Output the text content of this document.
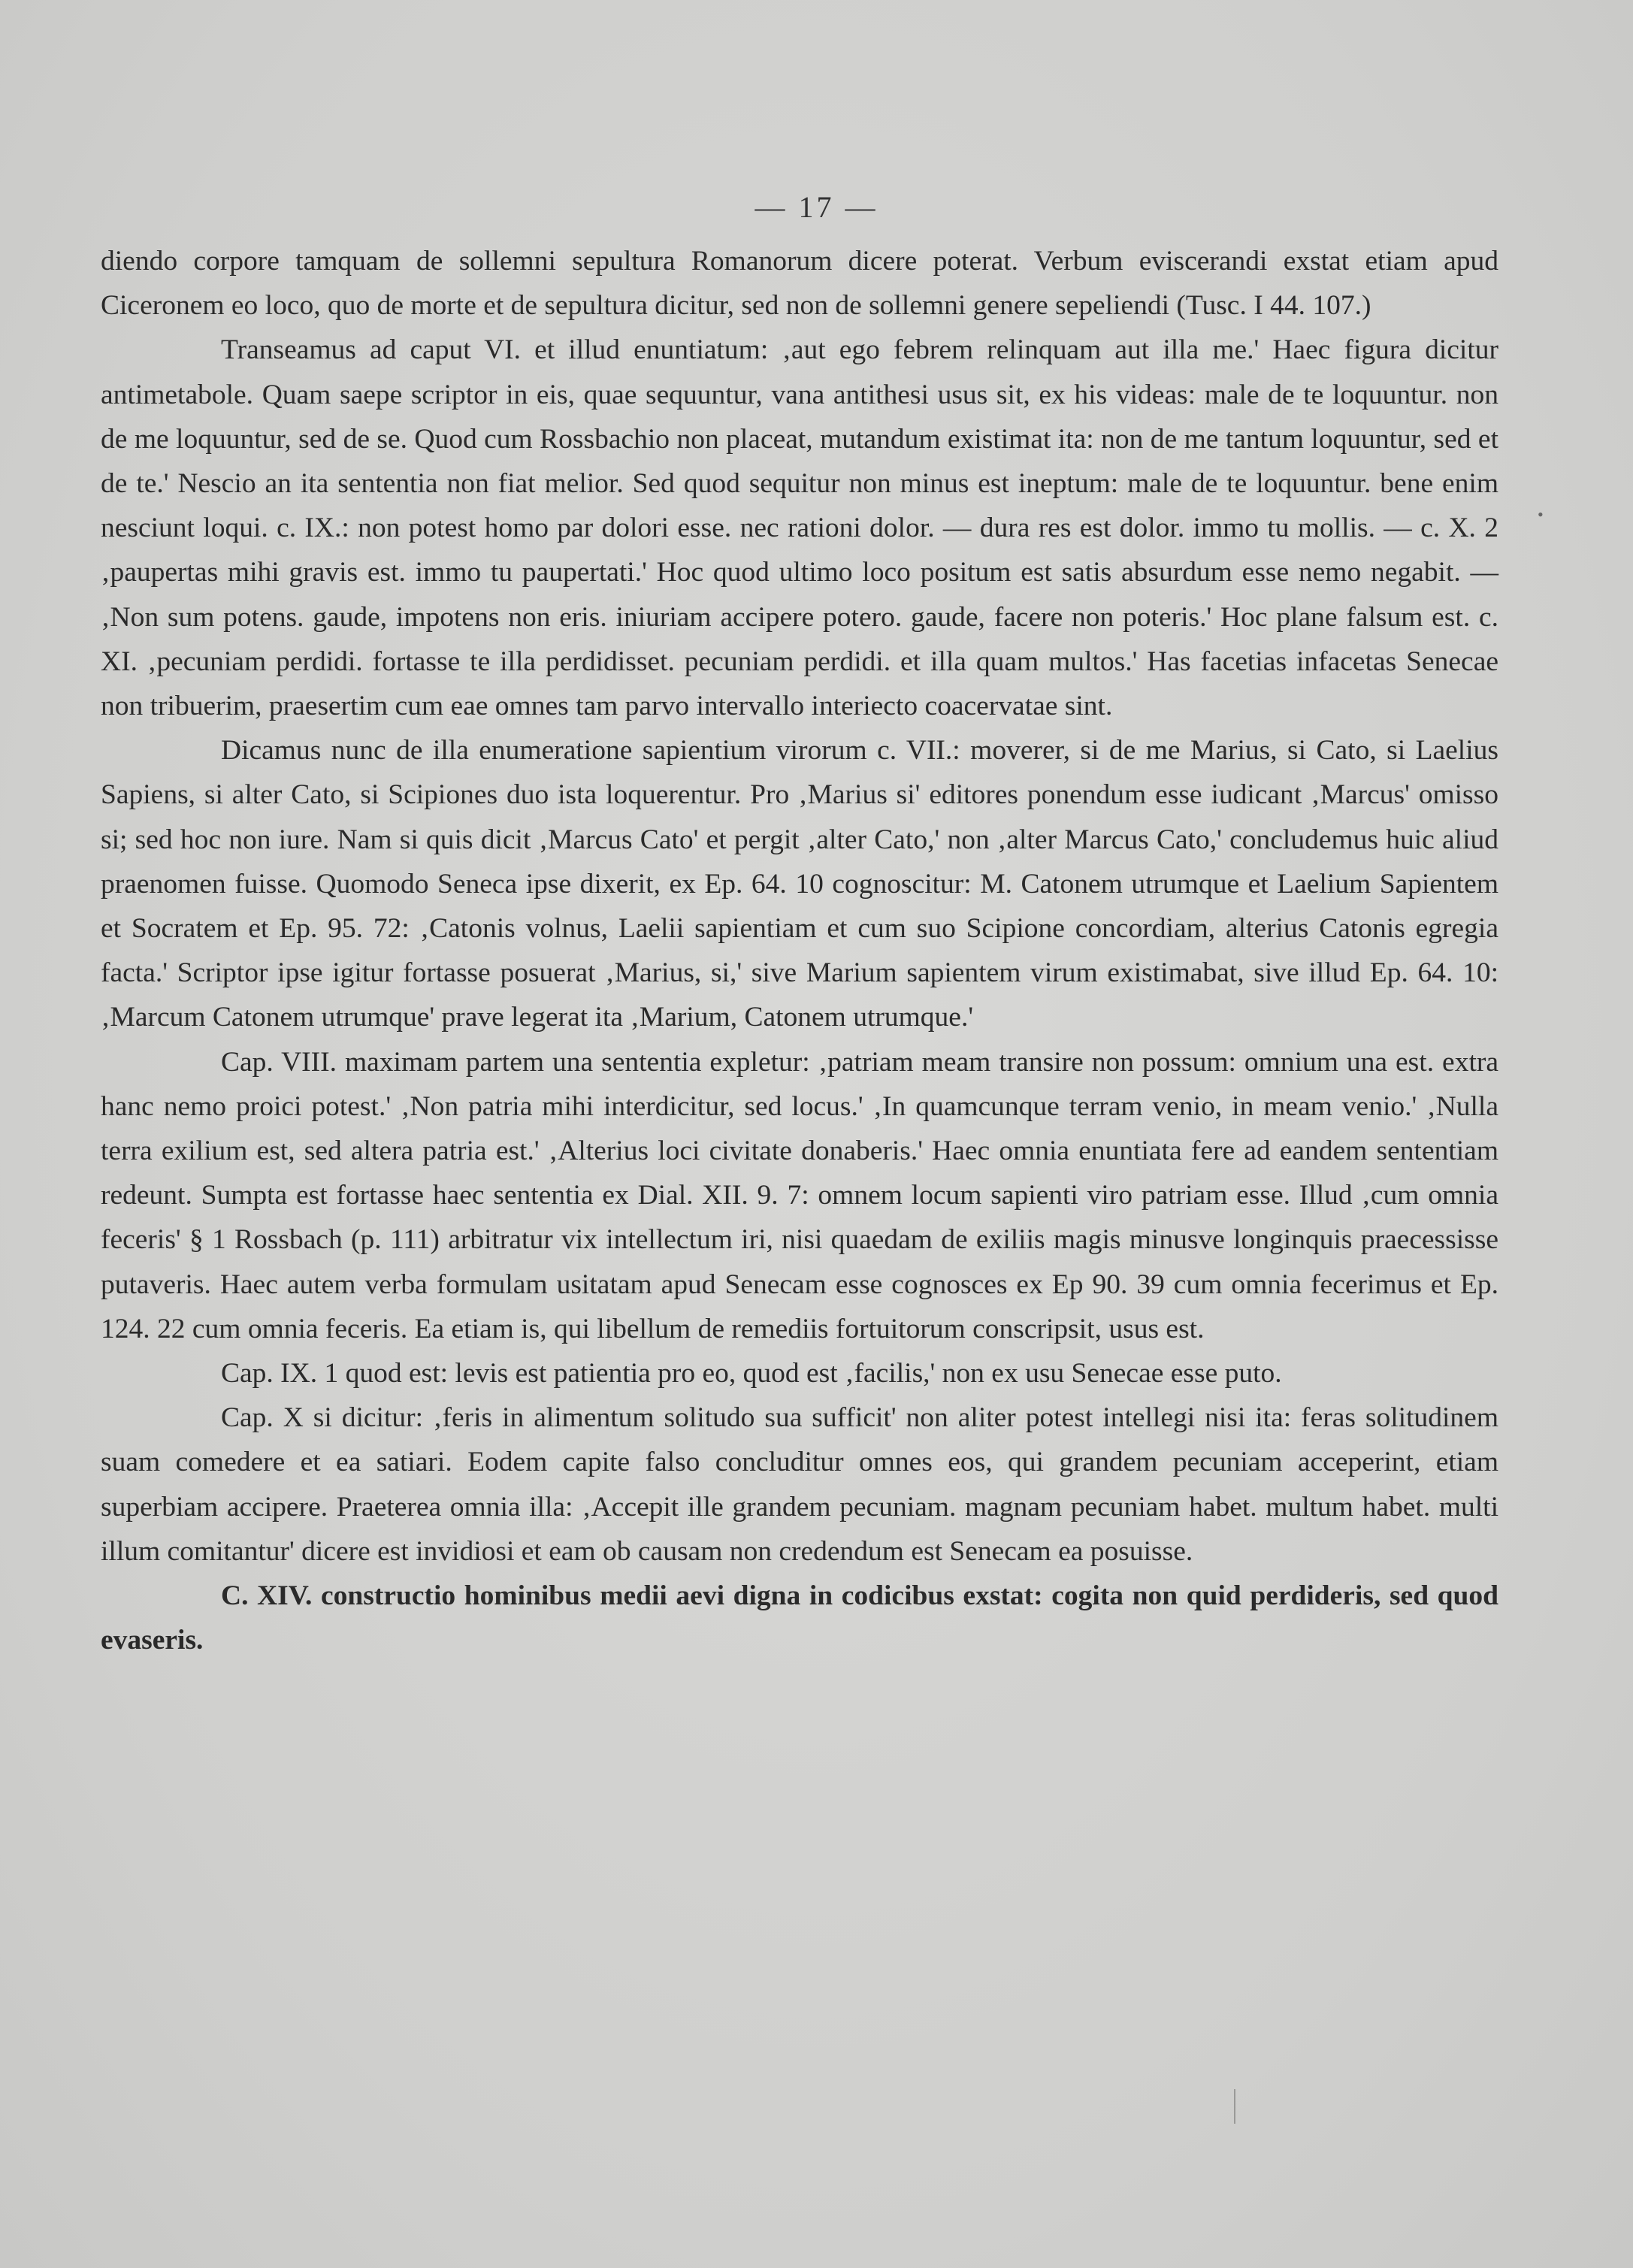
— 17 —

diendo corpore tamquam de sollemni sepultura Romanorum dicere poterat. Verbum eviscerandi exstat etiam apud Ciceronem eo loco, quo de morte et de sepultura dicitur, sed non de sollemni genere sepeliendi (Tusc. I 44. 107.)

Transeamus ad caput VI. et illud enuntiatum: ‚aut ego febrem relinquam aut illa me.' Haec figura dicitur antimetabole. Quam saepe scriptor in eis, quae sequuntur, vana antithesi usus sit, ex his videas: male de te loquuntur. non de me loquuntur, sed de se. Quod cum Rossbachio non placeat, mutandum existimat ita: non de me tantum loquuntur, sed et de te.' Nescio an ita sententia non fiat melior. Sed quod sequitur non minus est ineptum: male de te loquuntur. bene enim nesciunt loqui. c. IX.: non potest homo par dolori esse. nec rationi dolor. — dura res est dolor. immo tu mollis. — c. X. 2 ‚paupertas mihi gravis est. immo tu paupertati.' Hoc quod ultimo loco positum est satis absurdum esse nemo negabit. — ‚Non sum potens. gaude, impotens non eris. iniuriam accipere potero. gaude, facere non poteris.' Hoc plane falsum est. c. XI. ‚pecuniam perdidi. fortasse te illa perdidisset. pecuniam perdidi. et illa quam multos.' Has facetias infacetas Senecae non tribuerim, praesertim cum eae omnes tam parvo intervallo interiecto coacervatae sint.

Dicamus nunc de illa enumeratione sapientium virorum c. VII.: moverer, si de me Marius, si Cato, si Laelius Sapiens, si alter Cato, si Scipiones duo ista loquerentur. Pro ‚Marius si' editores ponendum esse iudicant ‚Marcus' omisso si; sed hoc non iure. Nam si quis dicit ‚Marcus Cato' et pergit ‚alter Cato,' non ‚alter Marcus Cato,' concludemus huic aliud praenomen fuisse. Quomodo Seneca ipse dixerit, ex Ep. 64. 10 cognoscitur: M. Catonem utrumque et Laelium Sapientem et Socratem et Ep. 95. 72: ‚Catonis volnus, Laelii sapientiam et cum suo Scipione concordiam, alterius Catonis egregia facta.' Scriptor ipse igitur fortasse posuerat ‚Marius, si,' sive Marium sapientem virum existimabat, sive illud Ep. 64. 10: ‚Marcum Catonem utrumque' prave legerat ita ‚Marium, Catonem utrumque.'

Cap. VIII. maximam partem una sententia expletur: ‚patriam meam transire non possum: omnium una est. extra hanc nemo proici potest.' ‚Non patria mihi interdicitur, sed locus.' ‚In quamcunque terram venio, in meam venio.' ‚Nulla terra exilium est, sed altera patria est.' ‚Alterius loci civitate donaberis.' Haec omnia enuntiata fere ad eandem sententiam redeunt. Sumpta est fortasse haec sententia ex Dial. XII. 9. 7: omnem locum sapienti viro patriam esse. Illud ‚cum omnia feceris' § 1 Rossbach (p. 111) arbitratur vix intellectum iri, nisi quaedam de exiliis magis minusve longinquis praecessisse putaveris. Haec autem verba formulam usitatam apud Senecam esse cognosces ex Ep 90. 39 cum omnia fecerimus et Ep. 124. 22 cum omnia feceris. Ea etiam is, qui libellum de remediis fortuitorum conscripsit, usus est.

Cap. IX. 1 quod est: levis est patientia pro eo, quod est ‚facilis,' non ex usu Senecae esse puto.

Cap. X si dicitur: ‚feris in alimentum solitudo sua sufficit' non aliter potest intellegi nisi ita: feras solitudinem suam comedere et ea satiari. Eodem capite falso concluditur omnes eos, qui grandem pecuniam acceperint, etiam superbiam accipere. Praeterea omnia illa: ‚Accepit ille grandem pecuniam. magnam pecuniam habet. multum habet. multi illum comitantur' dicere est invidiosi et eam ob causam non credendum est Senecam ea posuisse.

C. XIV. constructio hominibus medii aevi digna in codicibus exstat: cogita non quid perdideris, sed quod evaseris.

•
